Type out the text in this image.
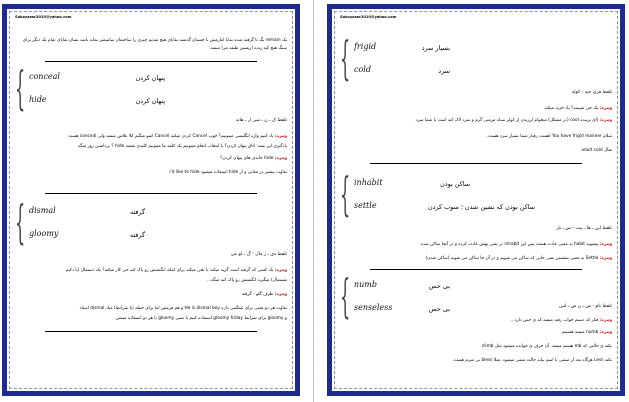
Sokoyazar2010@yahoo.com
یک remain بگ تا گرفته شده بقایا امارمش با چسبان گذشته بقایای هیچ شدیم چیزی را ساختمان سانتیمتر بماند باشد نشان بقایای عیام یک دیگر برای سنگ هیچ کپه زنده (ریستن طبقه مر) میشه
{ conceal
hide
پنهان کردن
پنهان کردن
تلفظ ک ـ ن ـ سی ل ـ هاید
ومزه: یاد کنیم واژه انگلیسی میتونیم؟ خوب Cancel کردن میکنه Cancel اشو میگیم کلا علاس میشه ولی conceal هست
یادگیری این بشه: اتاق پنهان کردن؟ یا انتخاب انجام میتونیم یک کلمه ما میتونیم کلیدی نقشه hide ؟ برداشتن روز میگه
ومزه: hide جایدی های پنهان کردن؟
تفاوت بیشتر در معانی و از hide استفاده میشود i'd like to hide
{ dismal
gloomy
گرفته
گرفته
تلفظ دی ـ ز مال - گ ـ لو می
ومزه: یک کسی که گرفته است گریه میکند یا یخی میکند برای اینکه انگشتش رو پاک کنه جی کار میکنه؟ یک دستمال (یا دکیم
مستمال) میگیره انگشتش رو پاک کنه میگه...
ومزه: ظرف گلو - گرفته
تفاوت هر دو معنی برای غمگینی داره He is dismal boy و هم فرمش اما برای جمله (یا شرایط) میاد dismal استاد
و gloomy برای شرایط gloomy friday استفاده کنیم یا بسی gloomy با هر دو استفاده میشن
Sokoyazar2010@yahoo.com
{ frigid
cold
بسیار سرد
سرد
تلفظ فری جید - کولد
ومزه: یک جی میبینید؟ یاد خرید میکنه
ومزه: (ای پرینده cool (در مشکل) میخوام لرزیدن از کولر سیاه مرمتی گرم و سرد لاک کنه است یا شما سرد
سلام You have frigid manner اهمیت رفتار شما بسیار سرد هست.
مثال adult cold
{ inhabit
settle
ساکن بودن
ساکن بودن که نشین شدن ؛ سوب کردن
تلفظ این ـ ها ـ بیت - س ـ تل
ومزه: پیشوند habit به معنی عادت هست پس این inhabit در یعنی بهش عادت کرده و در آنجا ساکن شده
ومزه: Settle به معنی نشستن یعنی جایی که ساکن می شویم و در آن جا ساکن می شوند (ساکن شدن)
{ numb
senseless
بی حس
بی حس	تلفظ نام - س ـ ن س ـ لس
ومزه: فکر که دستم خواب رفته میشه که ی حس دارد...
ومزه: numb میشه هستیم.
نکته ی حالتی که mb هستم میشه. آن حرف ی خوانده میشود مثل climb
نکته Less هرگاه بعد از صفتی یا اسم بیاید حالت منفی میشود. مثلا bless بی شرم هست.
